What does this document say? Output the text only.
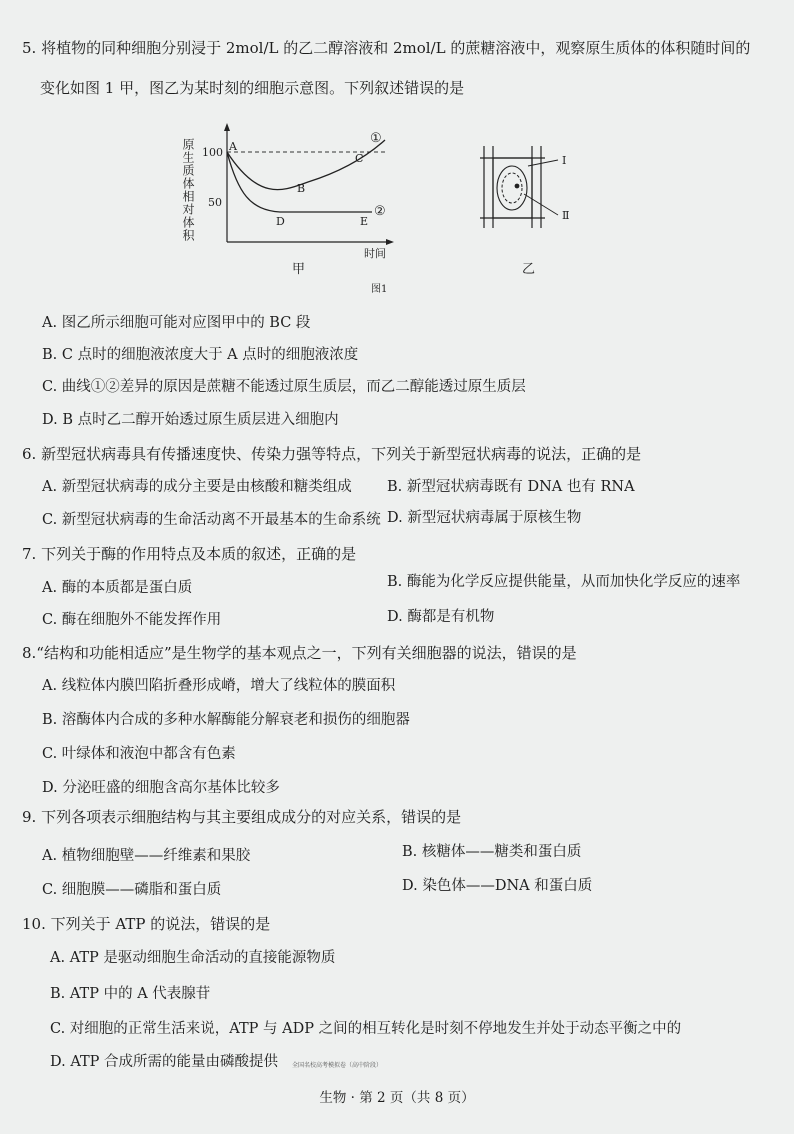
5. 将植物的同种细胞分别浸于 2mol/L 的乙二醇溶液和 2mol/L 的蔗糖溶液中，观察原生质体的体积随时间的
变化如图 1 甲，图乙为某时刻的细胞示意图。下列叙述错误的是
原生质体相对体积 100
50
A
B
C
D	E
①
②
时间
甲
I
Ⅱ
乙
图1
A. 图乙所示细胞可能对应图甲中的 BC 段
B. C 点时的细胞液浓度大于 A 点时的细胞液浓度
C. 曲线①②差异的原因是蔗糖不能透过原生质层，而乙二醇能透过原生质层
D. B 点时乙二醇开始透过原生质层进入细胞内
6. 新型冠状病毒具有传播速度快、传染力强等特点，下列关于新型冠状病毒的说法，正确的是
A. 新型冠状病毒的成分主要是由核酸和糖类组成 B. 新型冠状病毒既有 DNA 也有 RNA
C. 新型冠状病毒的生命活动离不开最基本的生命系统 D. 新型冠状病毒属于原核生物
7. 下列关于酶的作用特点及本质的叙述，正确的是
A. 酶的本质都是蛋白质	B. 酶能为化学反应提供能量，从而加快化学反应的速率
C. 酶在细胞外不能发挥作用	D. 酶都是有机物
8.“结构和功能相适应”是生物学的基本观点之一，下列有关细胞器的说法，错误的是
A. 线粒体内膜凹陷折叠形成嵴，增大了线粒体的膜面积
B. 溶酶体内合成的多种水解酶能分解衰老和损伤的细胞器
C. 叶绿体和液泡中都含有色素
D. 分泌旺盛的细胞含高尔基体比较多
9. 下列各项表示细胞结构与其主要组成成分的对应关系，错误的是
A. 植物细胞壁——纤维素和果胶	B. 核糖体——糖类和蛋白质
C. 细胞膜——磷脂和蛋白质	D. 染色体——DNA 和蛋白质
10. 下列关于 ATP 的说法，错误的是
A. ATP 是驱动细胞生命活动的直接能源物质
B. ATP 中的 A 代表腺苷
C. 对细胞的正常生活来说，ATP 与 ADP 之间的相互转化是时刻不停地发生并处于动态平衡之中的
D. ATP 合成所需的能量由磷酸提供 全国名校高考模拟卷（高中阶段）
生物 · 第 2 页（共 8 页）
